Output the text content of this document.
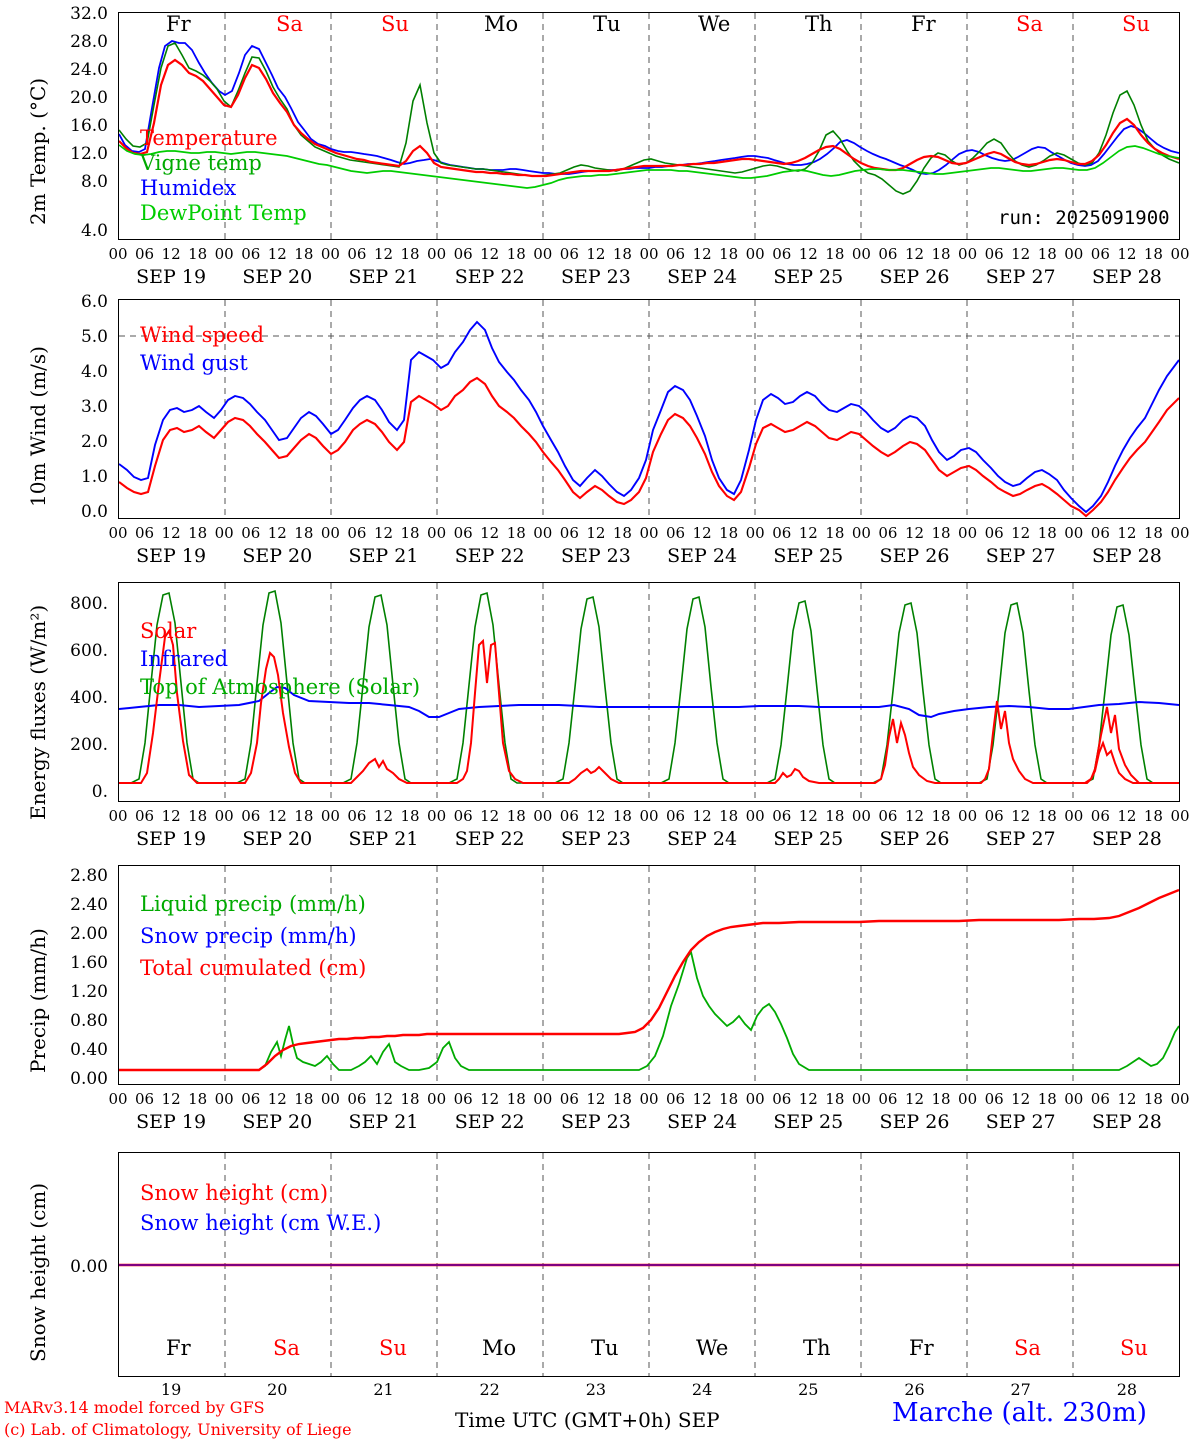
2m Temp. (°C)
32.0
28.0
24.0
20.0
16.0
12.0
8.0
4.0
Fr	Sa	Su	Mo	Tu	We	Th	Fr	Sa	Su
Temperature
Vigne temp
Humidex
DewPoint Temp	run: 2025091900
00 06 12 18 00 06 12 18 00 06 12 18 00 06 12 18 00 06 12 18 00 06 12 18 00 06 12 18 00 06 12 18 00 06 12 18 00 06 12 18 00
SEP 19	SEP 20	SEP 21	SEP 22	SEP 23	SEP 24	SEP 25	SEP 26	SEP 27	SEP 28
10m Wind (m/s)
6.0
5.0
4.0
3.0
2.0
1.0
0.0
Wind speed
Wind gust
00 06 12 18 00 06 12 18 00 06 12 18 00 06 12 18 00 06 12 18 00 06 12 18 00 06 12 18 00 06 12 18 00 06 12 18 00 06 12 18 00
SEP 19	SEP 20	SEP 21	SEP 22	SEP 23	SEP 24	SEP 25	SEP 26	SEP 27	SEP 28
Energy fluxes (W/m²)
800.
600.
400.
200.
0.
Solar
Infrared
Top of Atmosphere (Solar)
00 06 12 18 00 06 12 18 00 06 12 18 00 06 12 18 00 06 12 18 00 06 12 18 00 06 12 18 00 06 12 18 00 06 12 18 00 06 12 18 00
SEP 19	SEP 20	SEP 21	SEP 22	SEP 23	SEP 24	SEP 25	SEP 26	SEP 27	SEP 28
Precip (mm/h)
2.80
2.40
2.00
1.60
1.20
0.80
0.40
0.00
Liquid precip (mm/h)
Snow precip (mm/h)
Total cumulated (cm)
00 06 12 18 00 06 12 18 00 06 12 18 00 06 12 18 00 06 12 18 00 06 12 18 00 06 12 18 00 06 12 18 00 06 12 18 00 06 12 18 00
SEP 19	SEP 20	SEP 21	SEP 22	SEP 23	SEP 24	SEP 25	SEP 26	SEP 27	SEP 28
Snow height (cm)	0.00
Snow height (cm)
Snow height (cm W.E.)
Fr	Sa	Su	Mo	Tu	We	Th	Fr	Sa	Su
19	20	21	22	23	24	25	26	27	28
MARv3.14 model forced by GFS
(c) Lab. of Climatology, University of Liege	Time UTC (GMT+0h) SEP	Marche (alt. 230m)
